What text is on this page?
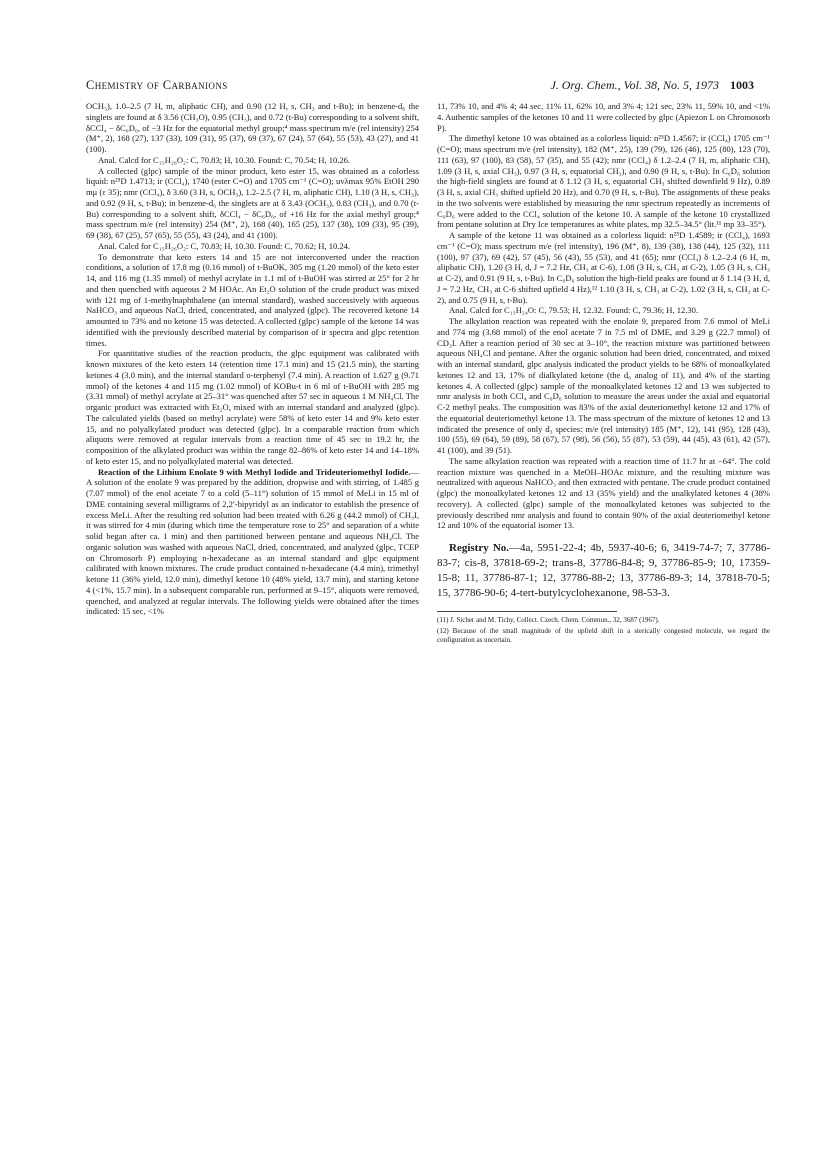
Chemistry of Carbanions	J. Org. Chem., Vol. 38, No. 5, 1973 1003

OCH₃), 1.0–2.5 (7 H, m, aliphatic CH), and 0.90 (12 H, s, CH₃ and t-Bu); in benzene-d₆ the singlets are found at δ 3.56 (CH₃O), 0.95 (CH₃), and 0.72 (t-Bu) corresponding to a solvent shift, δCCl₄ − δC₆D₆, of −3 Hz for the equatorial methyl group;⁴ mass spectrum m/e (rel intensity) 254 (M⁺, 2), 168 (27), 137 (33), 109 (31), 95 (37), 69 (37), 67 (24), 57 (64), 55 (53), 43 (27), and 41 (100).

Anal. Calcd for C₁₅H₂₆O₂: C, 70.83; H, 10.30. Found: C, 70.54; H, 10.26.

A collected (glpc) sample of the minor product, keto ester 15, was obtained as a colorless liquid: n²⁵D 1.4713; ir (CCl₄), 1740 (ester C=O) and 1705 cm⁻¹ (C=O); uvλmax 95% EtOH 290 mμ (ε 35); nmr (CCl₄), δ 3.60 (3 H, s, OCH₃), 1.2–2.5 (7 H, m, aliphatic CH), 1.10 (3 H, s, CH₃), and 0.92 (9 H, s, t-Bu); in benzene-d₆ the singlets are at δ 3.43 (OCH₃), 0.83 (CH₃), and 0.70 (t-Bu) corresponding to a solvent shift, δCCl₄ − δC₆D₆, of +16 Hz for the axial methyl group;⁴ mass spectrum m/e (rel intensity) 254 (M⁺, 2), 168 (40), 165 (25), 137 (38), 109 (33), 95 (39), 69 (38), 67 (25), 57 (65), 55 (55), 43 (24), and 41 (100).

Anal. Calcd for C₁₅H₂₆O₂: C, 70.83; H, 10.30. Found: C, 70.62; H, 10.24.

To demonstrate that keto esters 14 and 15 are not interconverted under the reaction conditions, a solution of 17.8 mg (0.16 mmol) of t-BuOK, 305 mg (1.20 mmol) of the keto ester 14, and 116 mg (1.35 mmol) of methyl acrylate in 1.1 ml of t-BuOH was stirred at 25° for 2 hr and then quenched with aqueous 2 M HOAc. An Et₂O solution of the crude product was mixed with 121 mg of 1-methylnaphthalene (an internal standard), washed successively with aqueous NaHCO₃ and aqueous NaCl, dried, concentrated, and analyzed (glpc). The recovered ketone 14 amounted to 73% and no ketone 15 was detected. A collected (glpc) sample of the ketone 14 was identified with the previously described material by comparison of ir spectra and glpc retention times.

For quantitative studies of the reaction products, the glpc equipment was calibrated with known mixtures of the keto esters 14 (retention time 17.1 min) and 15 (21.5 min), the starting ketones 4 (3.0 min), and the internal standard o-terphenyl (7.4 min). A reaction of 1.627 g (9.71 mmol) of the ketones 4 and 115 mg (1.02 mmol) of KOBu-t in 6 ml of t-BuOH with 285 mg (3.31 mmol) of methyl acrylate at 25–31° was quenched after 57 sec in aqueous 1 M NH₄Cl. The organic product was extracted with Et₂O, mixed with an internal standard and analyzed (glpc). The calculated yields (based on methyl acrylate) were 58% of keto ester 14 and 9% keto ester 15, and no polyalkylated product was detected (glpc). In a comparable reaction from which aliquots were removed at regular intervals from a reaction time of 45 sec to 19.2 hr, the composition of the alkylated product was within the range 82–86% of keto ester 14 and 14–18% of keto ester 15, and no polyalkylated material was detected.

Reaction of the Lithium Enolate 9 with Methyl Iodide and Trideuteriomethyl Iodide.—A solution of the enolate 9 was prepared by the addition, dropwise and with stirring, of 1.485 g (7.07 mmol) of the enol acetate 7 to a cold (5–11°) solution of 15 mmol of MeLi in 15 ml of DME containing several milligrams of 2,2′-bipyridyl as an indicator to establish the presence of excess MeLi. After the resulting red solution had been treated with 6.26 g (44.2 mmol) of CH₃I, it was stirred for 4 min (during which time the temperature rose to 25° and separation of a white solid began after ca. 1 min) and then partitioned between pentane and aqueous NH₄Cl. The organic solution was washed with aqueous NaCl, dried, concentrated, and analyzed (glpc, TCEP on Chromosorb P) employing n-hexadecane as an internal standard and glpc equipment calibrated with known mixtures. The crude product contained n-hexadecane (4.4 min), trimethyl ketone 11 (36% yield, 12.0 min), dimethyl ketone 10 (48% yield, 13.7 min), and starting ketone 4 (<1%, 15.7 min). In a subsequent comparable run, performed at 9–15°, aliquots were removed, quenched, and analyzed at regular intervals. The following yields were obtained after the times indicated: 15 sec, <1%

11, 73% 10, and 4% 4; 44 sec, 11% 11, 62% 10, and 3% 4; 121 sec, 23% 11, 59% 10, and <1% 4. Authentic samples of the ketones 10 and 11 were collected by glpc (Apiezon L on Chromosorb P).

The dimethyl ketone 10 was obtained as a colorless liquid: n²⁵D 1.4567; ir (CCl₄) 1705 cm⁻¹ (C=O); mass spectrum m/e (rel intensity), 182 (M⁺, 25), 139 (79), 126 (46), 125 (80), 123 (70), 111 (63), 97 (100), 83 (58), 57 (35), and 55 (42); nmr (CCl₄) δ 1.2–2.4 (7 H, m, aliphatic CH), 1.09 (3 H, s, axial CH₃), 0.97 (3 H, s, equatorial CH₃), and 0.90 (9 H, s, t-Bu). In C₆D₆ solution the high-field singlets are found at δ 1.12 (3 H, s, equatorial CH₃ shifted downfield 9 Hz), 0.89 (3 H, s, axial CH₃ shifted upfield 20 Hz), and 0.70 (9 H, s, t-Bu). The assignments of these peaks in the two solvents were established by measuring the nmr spectrum repeatedly as increments of C₆D₆ were added to the CCl₄ solution of the ketone 10. A sample of the ketone 10 crystallized from pentane solution at Dry Ice temperatures as white plates, mp 32.5–34.5° (lit.¹¹ mp 33–35°).

A sample of the ketone 11 was obtained as a colorless liquid: n²⁵D 1.4589; ir (CCl₄), 1693 cm⁻¹ (C=O); mass spectrum m/e (rel intensity), 196 (M⁺, 8), 139 (38), 138 (44), 125 (32), 111 (100), 97 (37), 69 (42), 57 (45), 56 (43), 55 (53), and 41 (65); nmr (CCl₄) δ 1.2–2.4 (6 H, m, aliphatic CH), 1.20 (3 H, d, J = 7.2 Hz, CH₃ at C-6), 1.08 (3 H, s, CH₃ at C-2), 1.05 (3 H, s, CH₃ at C-2), and 0.91 (9 H, s, t-Bu). In C₆D₆ solution the high-field peaks are found at δ 1.14 (3 H, d, J = 7.2 Hz, CH₃ at C-6 shifted upfield 4 Hz),¹² 1.10 (3 H, s, CH₃ at C-2), 1.02 (3 H, s, CH₃ at C-2), and 0.75 (9 H, s, t-Bu).

Anal. Calcd for C₁₃H₂₄O: C, 79.53; H, 12.32. Found: C, 79.36; H, 12.30.

The alkylation reaction was repeated with the enolate 9, prepared from 7.6 mmol of MeLi and 774 mg (3.68 mmol) of the enol acetate 7 in 7.5 ml of DME, and 3.29 g (22.7 mmol) of CD₃I. After a reaction period of 30 sec at 3–10°, the reaction mixture was partitioned between aqueous NH₄Cl and pentane. After the organic solution had been dried, concentrated, and mixed with an internal standard, glpc analysis indicated the product yields to be 68% of monoalkylated ketones 12 and 13, 17% of dialkylated ketone (the d₆ analog of 11), and 4% of the starting ketones 4. A collected (glpc) sample of the monoalkylated ketones 12 and 13 was subjected to nmr analysis in both CCl₄ and C₆D₆ solution to measure the areas under the axial and equatorial C-2 methyl peaks. The composition was 83% of the axial deuteriomethyl ketone 12 and 17% of the equatorial deuteriomethyl ketone 13. The mass spectrum of the mixture of ketones 12 and 13 indicated the presence of only d₃ species: m/e (rel intensity) 185 (M⁺, 12), 141 (95), 128 (43), 100 (55), 69 (64), 59 (89), 58 (67), 57 (98), 56 (56), 55 (87), 53 (59), 44 (45), 43 (61), 42 (57), 41 (100), and 39 (51).

The same alkylation reaction was repeated with a reaction time of 11.7 hr at −64°. The cold reaction mixture was quenched in a MeOH–HOAc mixture, and the resulting mixture was neutralized with aqueous NaHCO₃ and then extracted with pentane. The crude product contained (glpc) the monoalkylated ketones 12 and 13 (35% yield) and the unalkylated ketones 4 (38% recovery). A collected (glpc) sample of the monoalkylated ketones was subjected to the previously described nmr analysis and found to contain 90% of the axial deuteriomethyl ketone 12 and 10% of the equatorial isomer 13.

Registry No.—4a, 5951-22-4; 4b, 5937-40-6; 6, 3419-74-7; 7, 37786-83-7; cis-8, 37818-69-2; trans-8, 37786-84-8; 9, 37786-85-9; 10, 17359-15-8; 11, 37786-87-1; 12, 37786-88-2; 13, 37786-89-3; 14, 37818-70-5; 15, 37786-90-6; 4-tert-butylcyclohexanone, 98-53-3.

(11) J. Sicher and M. Tichy, Collect. Czech. Chem. Commun., 32, 3687 (1967).

(12) Because of the small magnitude of the upfield shift in a sterically congested molecule, we regard the configuration as uncertain.
